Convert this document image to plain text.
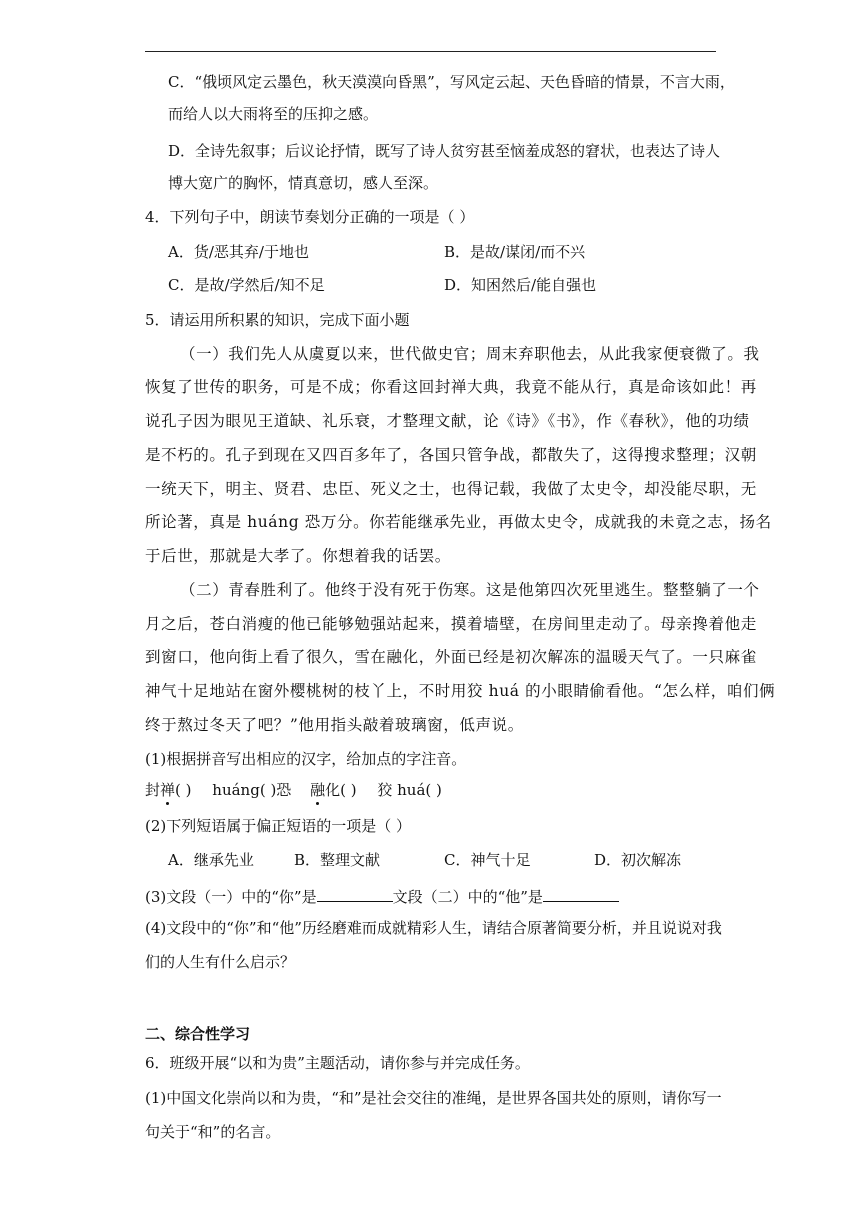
C．“俄顷风定云墨色，秋天漠漠向昏黑”，写风定云起、天色昏暗的情景，不言大雨，
而给人以大雨将至的压抑之感。
D．全诗先叙事；后议论抒情，既写了诗人贫穷甚至恼羞成怒的窘状，也表达了诗人
博大宽广的胸怀，情真意切，感人至深。
4．下列句子中，朗读节奏划分正确的一项是（ ）
A．货/恶其弃/于地也	B．是故/谋闭/而不兴
C．是故/学然后/知不足	D．知困然后/能自强也
5．请运用所积累的知识，完成下面小题
（一）我们先人从虞夏以来，世代做史官；周末弃职他去，从此我家便衰微了。我
恢复了世传的职务，可是不成；你看这回封禅大典，我竟不能从行，真是命该如此！再
说孔子因为眼见王道缺、礼乐衰，才整理文献，论《诗》《书》，作《春秋》，他的功绩
是不朽的。孔子到现在又四百多年了，各国只管争战，都散失了，这得搜求整理；汉朝
一统天下，明主、贤君、忠臣、死义之士，也得记载，我做了太史令，却没能尽职，无
所论著，真是 huáng 恐万分。你若能继承先业，再做太史令，成就我的未竟之志，扬名
于后世，那就是大孝了。你想着我的话罢。
（二）青春胜利了。他终于没有死于伤寒。这是他第四次死里逃生。整整躺了一个
月之后，苍白消瘦的他已能够勉强站起来，摸着墙壁，在房间里走动了。母亲搀着他走
到窗口，他向街上看了很久，雪在融化，外面已经是初次解冻的温暖天气了。一只麻雀
神气十足地站在窗外樱桃树的枝丫上，不时用狡 huá 的小眼睛偷看他。“怎么样，咱们俩
终于熬过冬天了吧？”他用指头敲着玻璃窗，低声说。
(1)根据拼音写出相应的汉字，给加点的字注音。
封禅( ) huáng( )恐 融化( ) 狡 huá( )
(2)下列短语属于偏正短语的一项是（ ）
A．继承先业	B．整理文献	C．神气十足	D．初次解冻
(3)文段（一）中的“你”是	文段（二）中的“他”是
(4)文段中的“你”和“他”历经磨难而成就精彩人生，请结合原著简要分析，并且说说对我
们的人生有什么启示？
二、综合性学习
6．班级开展“以和为贵”主题活动，请你参与并完成任务。
(1)中国文化崇尚以和为贵，“和”是社会交往的准绳，是世界各国共处的原则，请你写一
句关于“和”的名言。
